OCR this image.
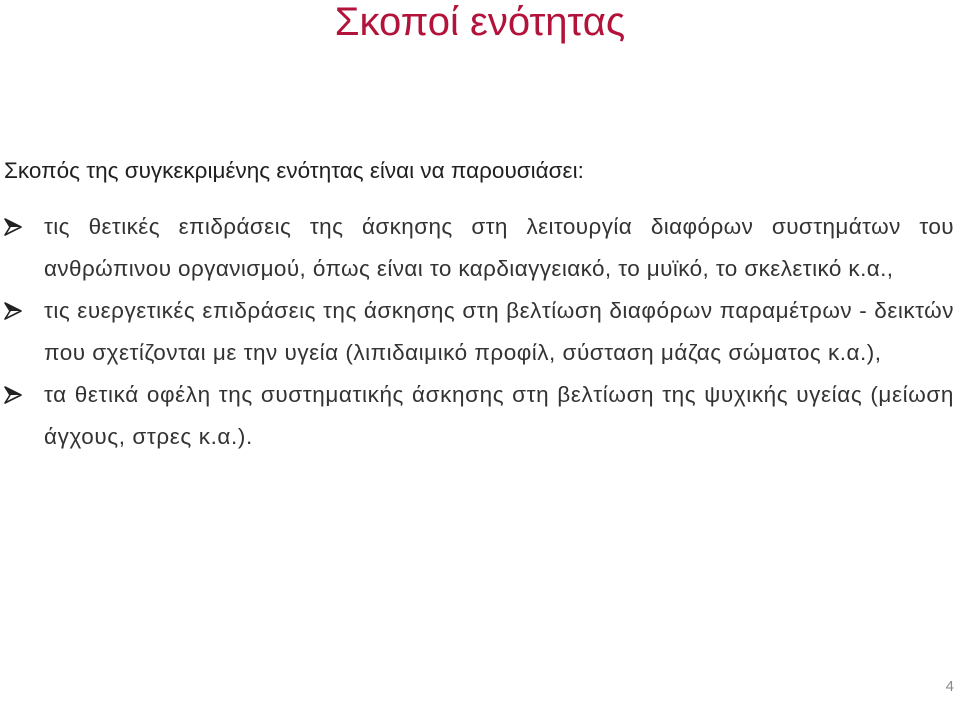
Σκοποί ενότητας
Σκοπός της συγκεκριμένης ενότητας είναι να παρουσιάσει:
τις θετικές επιδράσεις της άσκησης στη λειτουργία διαφόρων συστημάτων του ανθρώπινου οργανισμού, όπως είναι το καρδιαγγειακό, το μυϊκό, το σκελετικό κ.α.,
τις ευεργετικές επιδράσεις της άσκησης στη βελτίωση διαφόρων παραμέτρων - δεικτών που σχετίζονται με την υγεία (λιπιδαιμικό προφίλ, σύσταση μάζας σώματος κ.α.),
τα θετικά οφέλη της συστηματικής άσκησης στη βελτίωση της ψυχικής υγείας (μείωση άγχους, στρες κ.α.).
4
